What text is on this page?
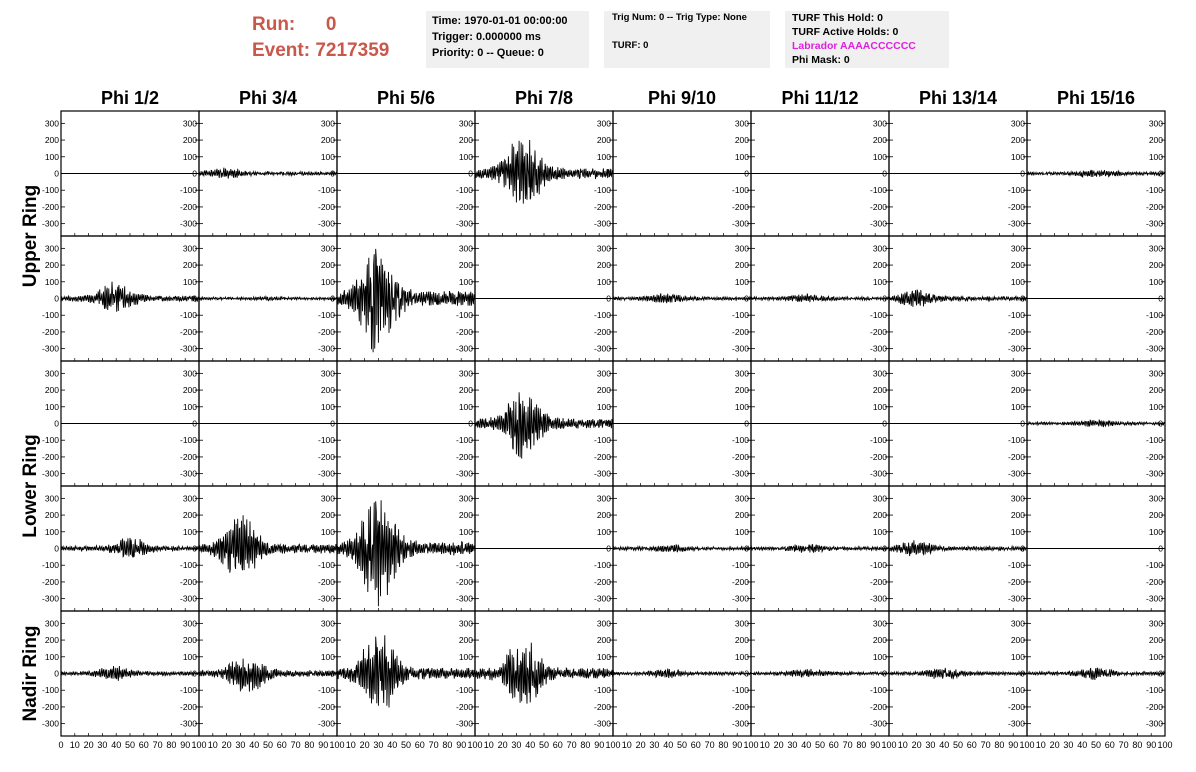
Run: 0
Event: 7217359
Time: 1970-01-01 00:00:00
Trigger: 0.000000 ms
Priority: 0 -- Queue: 0
Trig Num: 0 -- Trig Type: None
TURF: 0
TURF This Hold: 0
TURF Active Holds: 0
Labrador AAAACCCCCC
Phi Mask: 0
Phi 1/2	Phi 3/4	Phi 5/6	Phi 7/8	Phi 9/10	Phi 11/12	Phi 13/14	Phi 15/16
Upper Ring
Lower Ring
Nadir Ring
-300	-300
-200	-200
-100	-100
0	0
100	100
200	200
300	300
-300
-200
-100
0
100
200
300
-300
-200
-100
0
100
200
300
-300
-200
-100
0
100
200
300
-300
-200
-100
0
100
200
300
-300
-200
-100
0
100
200
300
-300
-200
-100
0
100
200
300
-300
-200
-100
0
100
200
300
-300	-300
-200	-200
-100	-100
0	0
100	100
200	200
300	300
-300
-200
-100
0
100
200
300
-300
-200
-100
0
100
200
300
-300
-200
-100
0
100
200
300
-300
-200
-100
0
100
200
300
-300
-200
-100
0
100
200
300
-300
-200
-100
0
100
200
300
-300
-200
-100
0
100
200
300
-300	-300
-200	-200
-100	-100
0	0
100	100
200	200
300	300
-300
-200
-100
0
100
200
300
-300
-200
-100
0
100
200
300
-300
-200
-100
0
100
200
300
-300
-200
-100
0
100
200
300
-300
-200
-100
0
100
200
300
-300
-200
-100
0
100
200
300
-300
-200
-100
0
100
200
300
-300	-300
-200	-200
-100	-100
0	0
100	100
200	200
300	300
-300
-200
-100
0
100
200
300
-300
-200
-100
0
100
200
300
-300
-200
-100
0
100
200
300
-300
-200
-100
0
100
200
300
-300
-200
-100
0
100
200
300
-300
-200
-100
0
100
200
300
-300
-200
-100
0
100
200
300
-300	-300
-200	-200
-100	-100
0	0
100	100
200	200
300	300
-300
-200
-100
0
100
200
300
-300
-200
-100
0
100
200
300
-300
-200
-100
0
100
200
300
-300
-200
-100
0
100
200
300
-300
-200
-100
0
100
200
300
-300
-200
-100
0
100
200
300
-300
-200
-100
0
100
200
300
0 10 20 30 40 50 60 70 80 90 100 10 20 30 40 50 60 70 80 90 100 10 20 30 40 50 60 70 80 90 100 10 20 30 40 50 60 70 80 90 100 10 20 30 40 50 60 70 80 90 100 10 20 30 40 50 60 70 80 90 100 10 20 30 40 50 60 70 80 90 100 10 20 30 40 50 60 70 80 90 100
